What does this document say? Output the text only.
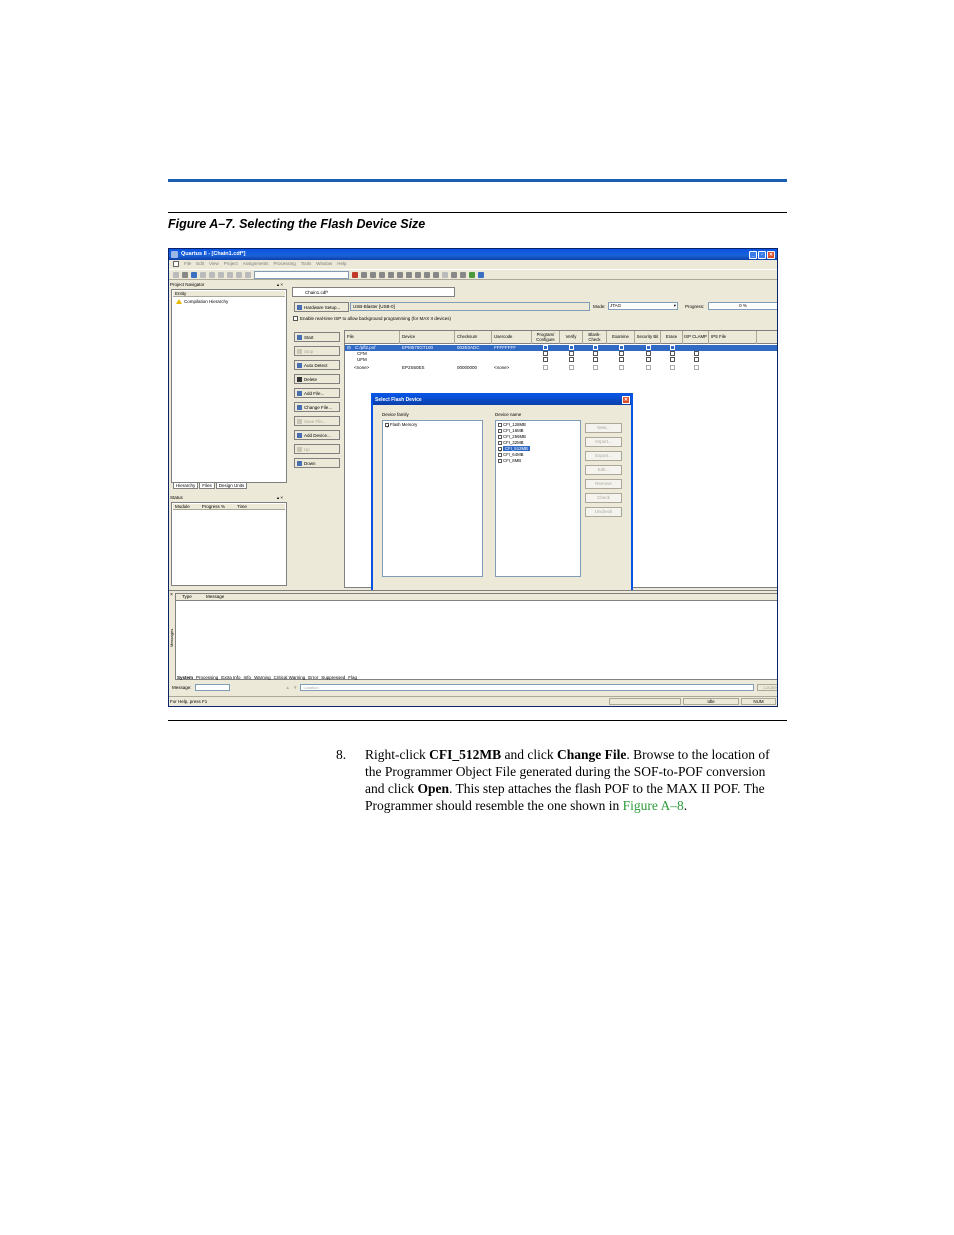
Figure A–7. Selecting the Flash Device Size
Quartus II - [Chain1.cdf*]	_	▫	✕
File Edit View Project Assignments Processing Tools Window Help
Project Navigator	▴ ×
Entity
Compilation Hierarchy
Hierarchy	Files	Design Units
Status	▴ ×
Module	Progress %	Time
Chain1.cdf*
Hardware Setup...	USB-Blaster [USB-0]	Mode: JTAG	▾ Progress:	0 %
Enable real-time ISP to allow background programming (for MAX II devices)
Start
Stop
Auto Detect
Delete
Add File...
Change File...
Save File...
Add Device...
Up
Down
File	Device	Checksum	Usercode	Program/ Configure	Verify	Blank- Check	Examine	Security Bit	Erase	ISP CLAMP IPS File
⊟ C:/pfl2.pof	EPM570GT100	002E0ADC	FFFFFFFF
CFM
UFM
<none>	EP2S60ES	00000000	<none>
Select Flash Device	✕
Device family
✓ Flash Memory
Device name
CFI_128MB
CFI_16MB
CFI_256MB
CFI_32MB
✓ CFI_512MB
CFI_64MB
CFI_8MB
New...
Import...
Export...
Edit...
Remove
Check
Uncheck
×
Messages
Type	Message
System Processing Extra Info Info Warning Critical Warning Error Suppressed Flag
Message:	▲ ▼	Location	Locate
For Help, press F1	Idle	NUM
8. Right-click CFI_512MB and click Change File. Browse to the location of the Programmer Object File generated during the SOF-to-POF conversion and click Open. This step attaches the flash POF to the MAX II POF. The Programmer should resemble the one shown in Figure A–8.
